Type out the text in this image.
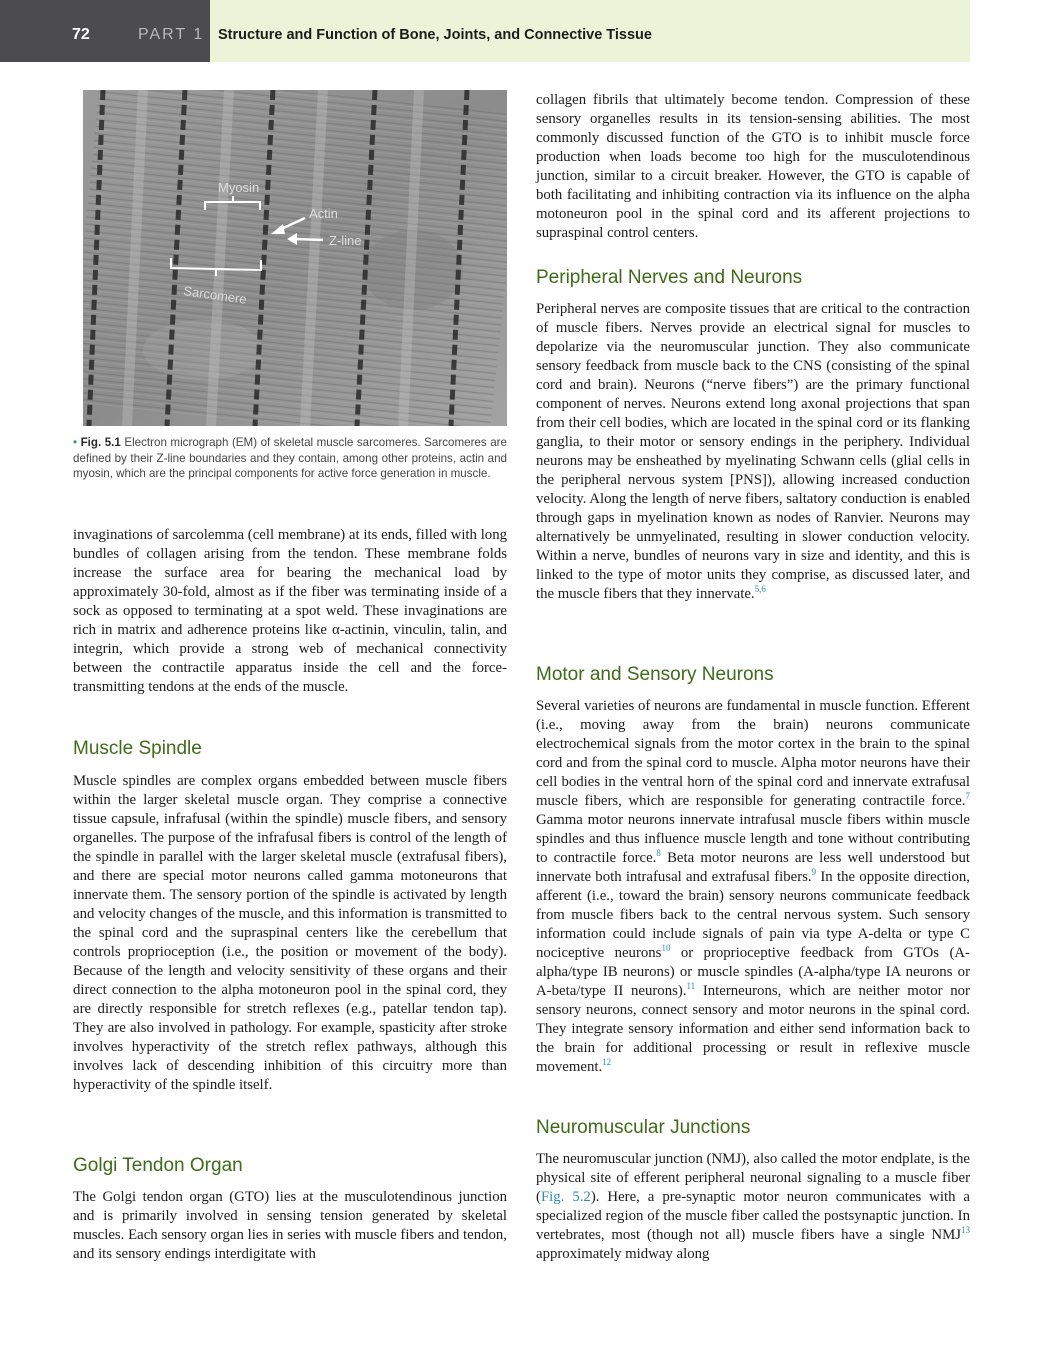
72	PART 1 Structure and Function of Bone, Joints, and Connective Tissue
Myosin
Actin
Z-line
Sarcomere
• Fig. 5.1 Electron micrograph (EM) of skeletal muscle sarcomeres. Sarcomeres are defined by their Z-line boundaries and they contain, among other proteins, actin and myosin, which are the principal components for active force generation in muscle.

invaginations of sarcolemma (cell membrane) at its ends, filled with long bundles of collagen arising from the tendon. These membrane folds increase the surface area for bearing the mechanical load by approximately 30-fold, almost as if the fiber was terminating inside of a sock as opposed to terminating at a spot weld. These invaginations are rich in matrix and adherence proteins like α-actinin, vinculin, talin, and integrin, which provide a strong web of mechanical connectivity between the contractile apparatus inside the cell and the force-transmitting tendons at the ends of the muscle.

Muscle Spindle

Muscle spindles are complex organs embedded between muscle fibers within the larger skeletal muscle organ. They comprise a connective tissue capsule, infrafusal (within the spindle) muscle fibers, and sensory organelles. The purpose of the infrafusal fibers is control of the length of the spindle in parallel with the larger skeletal muscle (extrafusal fibers), and there are special motor neurons called gamma motoneurons that innervate them. The sensory portion of the spindle is activated by length and velocity changes of the muscle, and this information is transmitted to the spinal cord and the supraspinal centers like the cerebellum that controls proprioception (i.e., the position or movement of the body). Because of the length and velocity sensitivity of these organs and their direct connection to the alpha motoneuron pool in the spinal cord, they are directly responsible for stretch reflexes (e.g., patellar tendon tap). They are also involved in pathology. For example, spasticity after stroke involves hyperactivity of the stretch reflex pathways, although this involves lack of descending inhibition of this circuitry more than hyperactivity of the spindle itself.

Golgi Tendon Organ

The Golgi tendon organ (GTO) lies at the musculotendinous junction and is primarily involved in sensing tension generated by skeletal muscles. Each sensory organ lies in series with muscle fibers and tendon, and its sensory endings interdigitate with

collagen fibrils that ultimately become tendon. Compression of these sensory organelles results in its tension-sensing abilities. The most commonly discussed function of the GTO is to inhibit muscle force production when loads become too high for the musculotendinous junction, similar to a circuit breaker. However, the GTO is capable of both facilitating and inhibiting contraction via its influence on the alpha motoneuron pool in the spinal cord and its afferent projections to supraspinal control centers.

Peripheral Nerves and Neurons

Peripheral nerves are composite tissues that are critical to the contraction of muscle fibers. Nerves provide an electrical signal for muscles to depolarize via the neuromuscular junction. They also communicate sensory feedback from muscle back to the CNS (consisting of the spinal cord and brain). Neurons (“nerve fibers”) are the primary functional component of nerves. Neurons extend long axonal projections that span from their cell bodies, which are located in the spinal cord or its flanking ganglia, to their motor or sensory endings in the periphery. Individual neurons may be ensheathed by myelinating Schwann cells (glial cells in the peripheral nervous system [PNS]), allowing increased conduction velocity. Along the length of nerve fibers, saltatory conduction is enabled through gaps in myelination known as nodes of Ranvier. Neurons may alternatively be unmyelinated, resulting in slower conduction velocity. Within a nerve, bundles of neurons vary in size and identity, and this is linked to the type of motor units they comprise, as discussed later, and the muscle fibers that they innervate.$^{5,6}$

Motor and Sensory Neurons

Several varieties of neurons are fundamental in muscle function. Efferent (i.e., moving away from the brain) neurons communicate electrochemical signals from the motor cortex in the brain to the spinal cord and from the spinal cord to muscle. Alpha motor neurons have their cell bodies in the ventral horn of the spinal cord and innervate extrafusal muscle fibers, which are responsible for generating contractile force.$^7$ Gamma motor neurons innervate intrafusal muscle fibers within muscle spindles and thus influence muscle length and tone without contributing to contractile force.$^8$ Beta motor neurons are less well understood but innervate both intrafusal and extrafusal fibers.$^9$ In the opposite direction, afferent (i.e., toward the brain) sensory neurons communicate feedback from muscle fibers back to the central nervous system. Such sensory information could include signals of pain via type A-delta or type C nociceptive neurons$^{10}$ or proprioceptive feedback from GTOs (A-alpha/type IB neurons) or muscle spindles (A-alpha/type IA neurons or A-beta/type II neurons).$^{11}$ Interneurons, which are neither motor nor sensory neurons, connect sensory and motor neurons in the spinal cord. They integrate sensory information and either send information back to the brain for additional processing or result in reflexive muscle movement.$^{12}$

Neuromuscular Junctions

The neuromuscular junction (NMJ), also called the motor endplate, is the physical site of efferent peripheral neuronal signaling to a muscle fiber (Fig. 5.2). Here, a pre-synaptic motor neuron communicates with a specialized region of the muscle fiber called the postsynaptic junction. In vertebrates, most (though not all) muscle fibers have a single NMJ$^{13}$ approximately midway along
